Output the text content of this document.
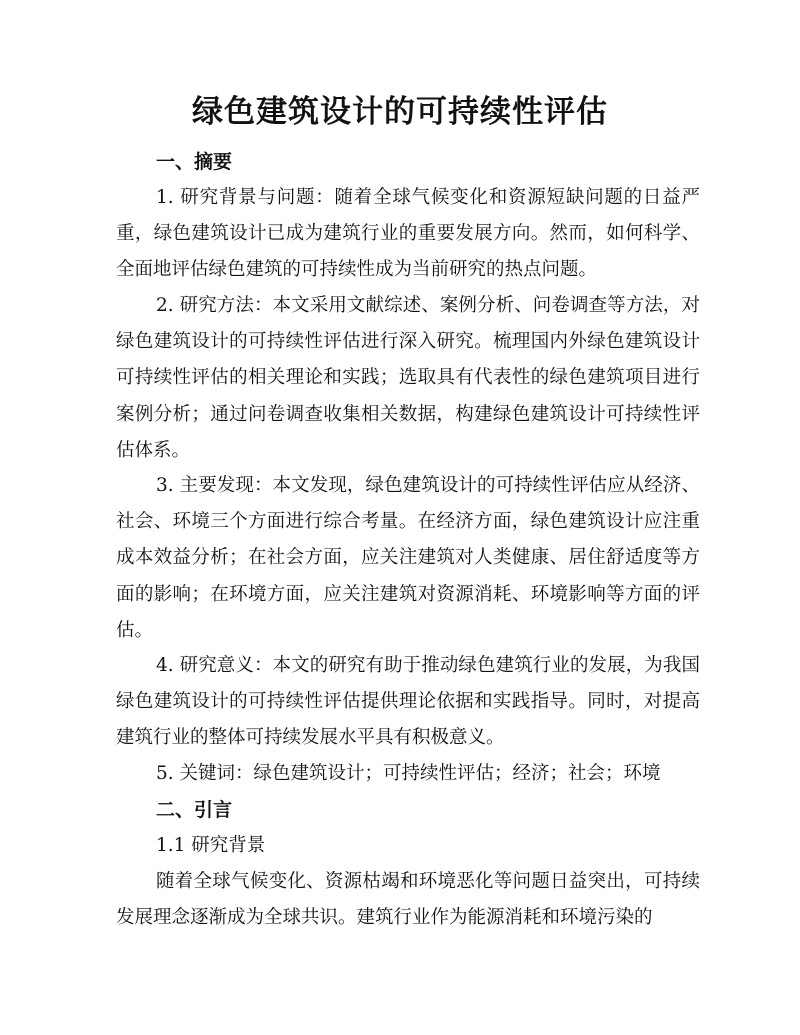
绿色建筑设计的可持续性评估
一、摘要

1. 研究背景与问题：随着全球气候变化和资源短缺问题的日益严重，绿色建筑设计已成为建筑行业的重要发展方向。然而，如何科学、全面地评估绿色建筑的可持续性成为当前研究的热点问题。

2. 研究方法：本文采用文献综述、案例分析、问卷调查等方法，对绿色建筑设计的可持续性评估进行深入研究。梳理国内外绿色建筑设计可持续性评估的相关理论和实践；选取具有代表性的绿色建筑项目进行案例分析；通过问卷调查收集相关数据，构建绿色建筑设计可持续性评估体系。

3. 主要发现：本文发现，绿色建筑设计的可持续性评估应从经济、社会、环境三个方面进行综合考量。在经济方面，绿色建筑设计应注重成本效益分析；在社会方面，应关注建筑对人类健康、居住舒适度等方面的影响；在环境方面，应关注建筑对资源消耗、环境影响等方面的评估。

4. 研究意义：本文的研究有助于推动绿色建筑行业的发展，为我国绿色建筑设计的可持续性评估提供理论依据和实践指导。同时，对提高建筑行业的整体可持续发展水平具有积极意义。

5. 关键词：绿色建筑设计；可持续性评估；经济；社会；环境

二、引言

1.1 研究背景

随着全球气候变化、资源枯竭和环境恶化等问题日益突出，可持续发展理念逐渐成为全球共识。建筑行业作为能源消耗和环境污染的
